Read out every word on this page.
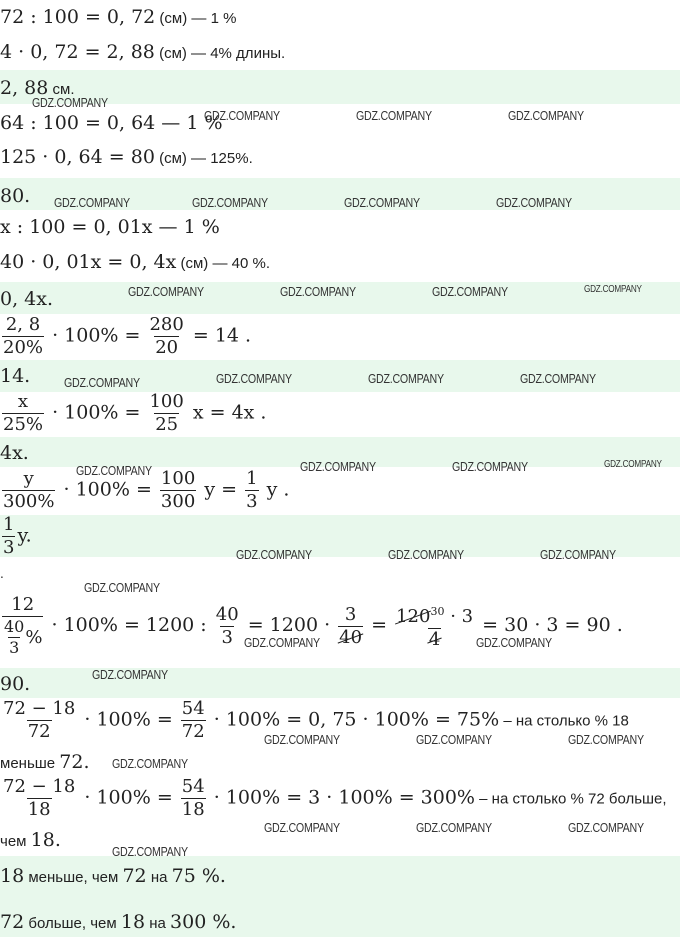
72 : 100 = 0, 72 (см) — 1 %
4 · 0, 72 = 2, 88 (см) — 4% длины.
2, 88 см.
64 : 100 = 0, 64 — 1 %
125 · 0, 64 = 80 (см) — 125%.
80.
x : 100 = 0, 01x — 1 %
40 · 0, 01x = 0, 4x (см) — 40 %.
0, 4x.
$\frac{2, 8}{20\%} \cdot 100\% = \frac{280}{20} = 14$ .
14.
$\frac{x}{25\%} \cdot 100\% = \frac{100}{25}$ x = 4x .
4x.
$\frac{y}{300\%} \cdot 100\% = \frac{100}{300}$ $y = \frac{1}{3}$ y .
$\frac{1}{3} y$.
.
$\frac{12}{\frac{40}{3} \%} \cdot 100\% = 1200$ : $\frac{40}{3} = 1200 \cdot \frac{3}{40} = \frac{120^{30} \cdot 3}{4} = 30 \cdot 3 = 90$ .
90.
$\frac{72 - 18}{72} \cdot 100\% = \frac{54}{72} \cdot 100\% = 0$, 75 · 100% = 75% – на столько % 18
меньше 72.
$\frac{72 - 18}{18} \cdot 100\% = \frac{54}{18} \cdot 100\% = 3 \cdot 100\% = 300\%$ – на столько % 72 больше,
чем 18.
18 меньше, чем 72 на 75 %.
72 больше, чем 18 на 300 %.
GDZ.COMPANY
GDZ.COMPANY	GDZ.COMPANY	GDZ.COMPANY
GDZ.COMPANY	GDZ.COMPANY	GDZ.COMPANY	GDZ.COMPANY
GDZ.COMPANY	GDZ.COMPANY	GDZ.COMPANY	GDZ.COMPANY
GDZ.COMPANY	GDZ.COMPANY	GDZ.COMPANY	GDZ.COMPANY
GDZ.COMPANY	GDZ.COMPANY	GDZ.COMPANY	GDZ.COMPANY
GDZ.COMPANY	GDZ.COMPANY	GDZ.COMPANY
GDZ.COMPANY
GDZ.COMPANY	GDZ.COMPANY
GDZ.COMPANY
GDZ.COMPANY	GDZ.COMPANY	GDZ.COMPANY
GDZ.COMPANY
GDZ.COMPANY	GDZ.COMPANY	GDZ.COMPANY
GDZ.COMPANY
